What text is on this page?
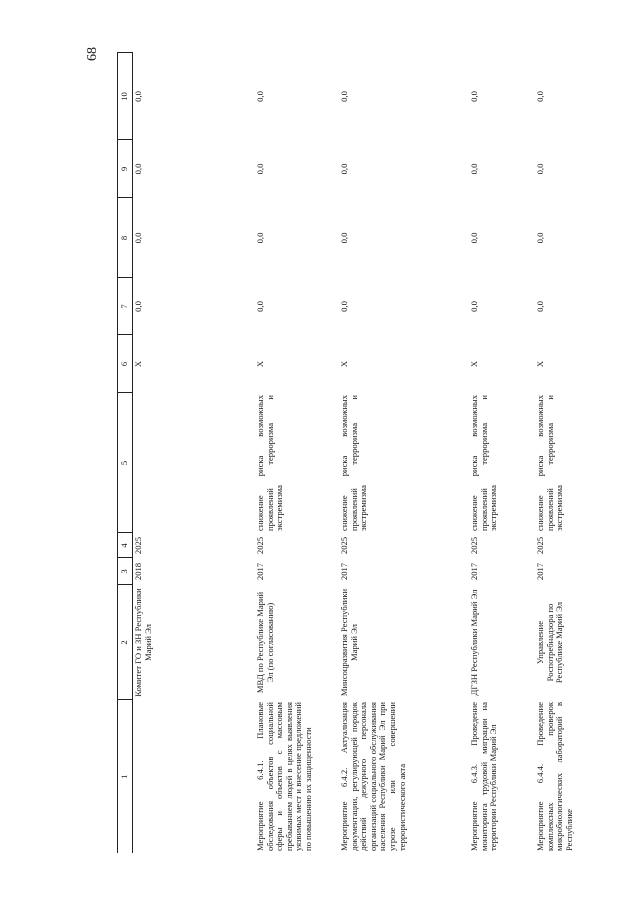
68
1	2	3	4	5	6	7	8	9	10
	Комитет ГО и ЗН Республики Марий Эл	2018	2025		Х	0,0	0,0	0,0	0,0
Мероприятие 6.4.1. Плановые обследования объектов социальной сферы и объектов с массовым пребыванием людей в целях выявления уязвимых мест и внесение предложений по повышению их защищенности	МВД по Республике Марий Эл (по согласованию)	2017	2025	снижение риска возможных проявлений терроризма и экстремизма	Х	0,0	0,0	0,0	0,0
Мероприятие 6.4.2. Актуализация документации, регулирующей порядок действий дежурного персонала организаций социального обслуживания населения Республики Марий Эл при угрозе или совершении террористического акта	Минсоцразвития Республики Марий Эл	2017	2025	снижение риска возможных проявлений терроризма и экстремизма	Х	0,0	0,0	0,0	0,0
Мероприятие 6.4.3. Проведение мониторинга трудовой миграции на территории Республики Марий Эл	ДГЗН Республики Марий Эл	2017	2025	снижение риска возможных проявлений терроризма и экстремизма	Х	0,0	0,0	0,0	0,0
Мероприятие 6.4.4. Проведение комплексных проверок микробиологических лабораторий в Республике	Управление Роспотребнадзора по Республике Марий Эл	2017	2025	снижение риска возможных проявлений терроризма и экстремизма	Х	0,0	0,0	0,0	0,0
